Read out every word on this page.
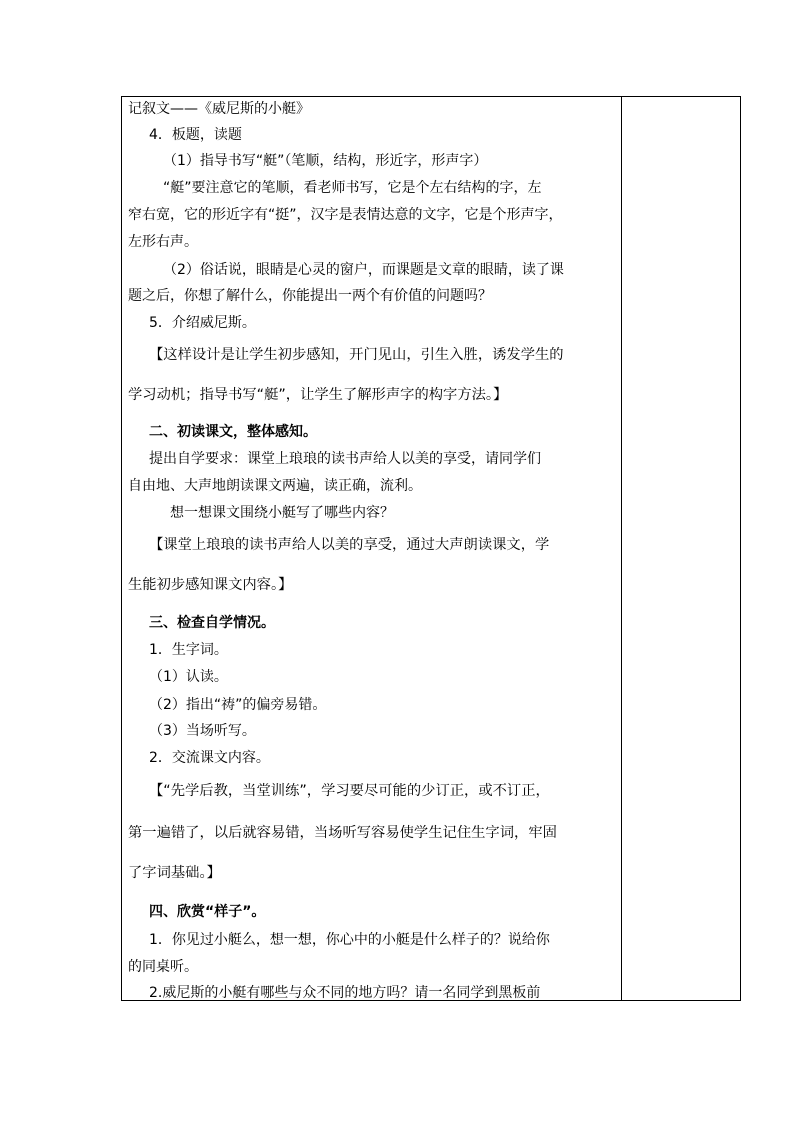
记叙文——《威尼斯的小艇》
4．板题，读题
（1）指导书写“艇”（笔顺，结构，形近字，形声字）
“艇”要注意它的笔顺，看老师书写，它是个左右结构的字，左
窄右宽，它的形近字有“挺”，汉字是表情达意的文字，它是个形声字，
左形右声。
（2）俗话说，眼睛是心灵的窗户，而课题是文章的眼睛，读了课
题之后，你想了解什么，你能提出一两个有价值的问题吗？
5．介绍威尼斯。
【这样设计是让学生初步感知，开门见山，引生入胜，诱发学生的
学习动机；指导书写“艇”，让学生了解形声字的构字方法。】
二、初读课文，整体感知。
提出自学要求：课堂上琅琅的读书声给人以美的享受，请同学们
自由地、大声地朗读课文两遍，读正确，流利。
想一想课文围绕小艇写了哪些内容？
【课堂上琅琅的读书声给人以美的享受，通过大声朗读课文，学
生能初步感知课文内容。】
三、检查自学情况。
1．生字词。
（1）认读。
（2）指出“祷”的偏旁易错。
（3）当场听写。
2．交流课文内容。
【“先学后教，当堂训练”，学习要尽可能的少订正，或不订正，
第一遍错了，以后就容易错，当场听写容易使学生记住生字词，牢固
了字词基础。】
四、欣赏“样子”。
1．你见过小艇么，想一想，你心中的小艇是什么样子的？说给你
的同桌听。
2.威尼斯的小艇有哪些与众不同的地方吗？请一名同学到黑板前
